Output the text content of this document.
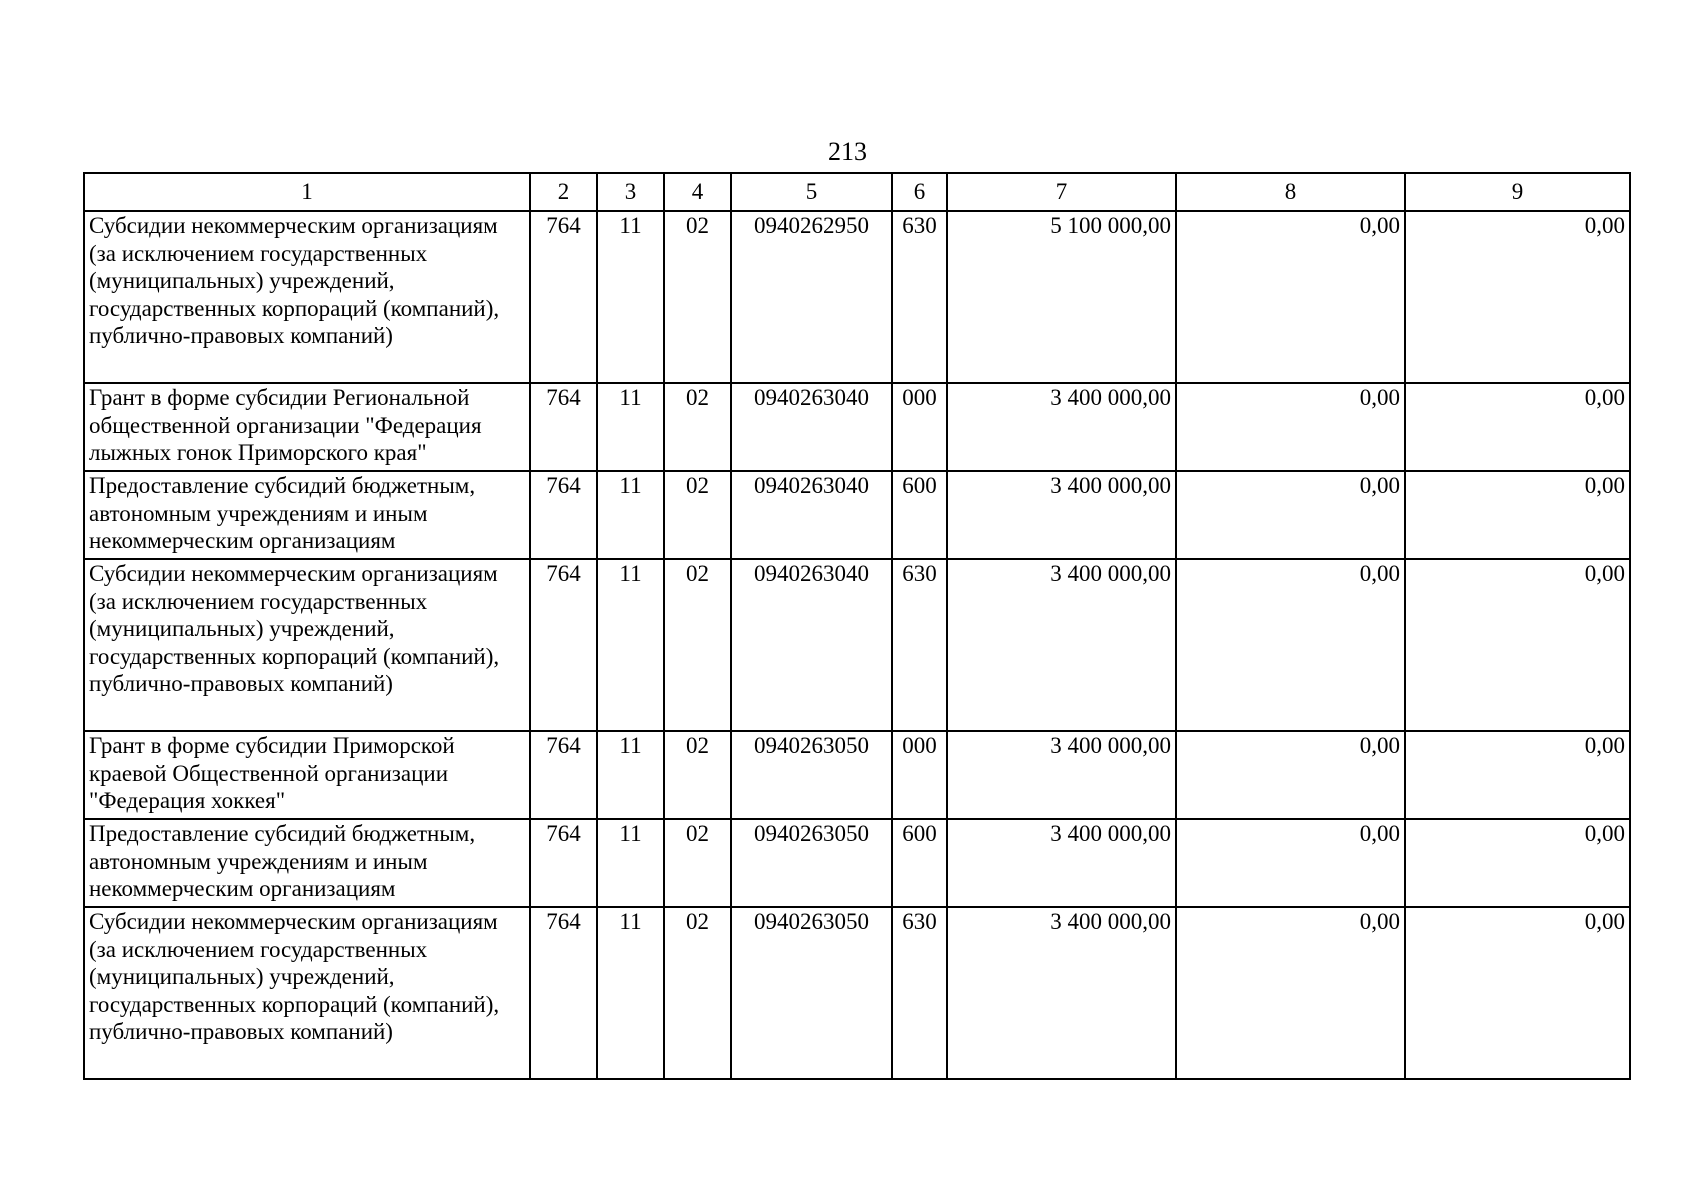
213
1	2	3	4	5	6	7	8	9
Субсидии некоммерческим организациям (за исключением государственных (муниципальных) учреждений, государственных корпораций (компаний), публично-правовых компаний)	764	11	02	0940262950	630	5 100 000,00	0,00	0,00
Грант в форме субсидии Региональной общественной организации "Федерация лыжных гонок Приморского края"	764	11	02	0940263040	000	3 400 000,00	0,00	0,00
Предоставление субсидий бюджетным, автономным учреждениям и иным некоммерческим организациям	764	11	02	0940263040	600	3 400 000,00	0,00	0,00
Субсидии некоммерческим организациям (за исключением государственных (муниципальных) учреждений, государственных корпораций (компаний), публично-правовых компаний)	764	11	02	0940263040	630	3 400 000,00	0,00	0,00
Грант в форме субсидии Приморской краевой Общественной организации "Федерация хоккея"	764	11	02	0940263050	000	3 400 000,00	0,00	0,00
Предоставление субсидий бюджетным, автономным учреждениям и иным некоммерческим организациям	764	11	02	0940263050	600	3 400 000,00	0,00	0,00
Субсидии некоммерческим организациям (за исключением государственных (муниципальных) учреждений, государственных корпораций (компаний), публично-правовых компаний)	764	11	02	0940263050	630	3 400 000,00	0,00	0,00
